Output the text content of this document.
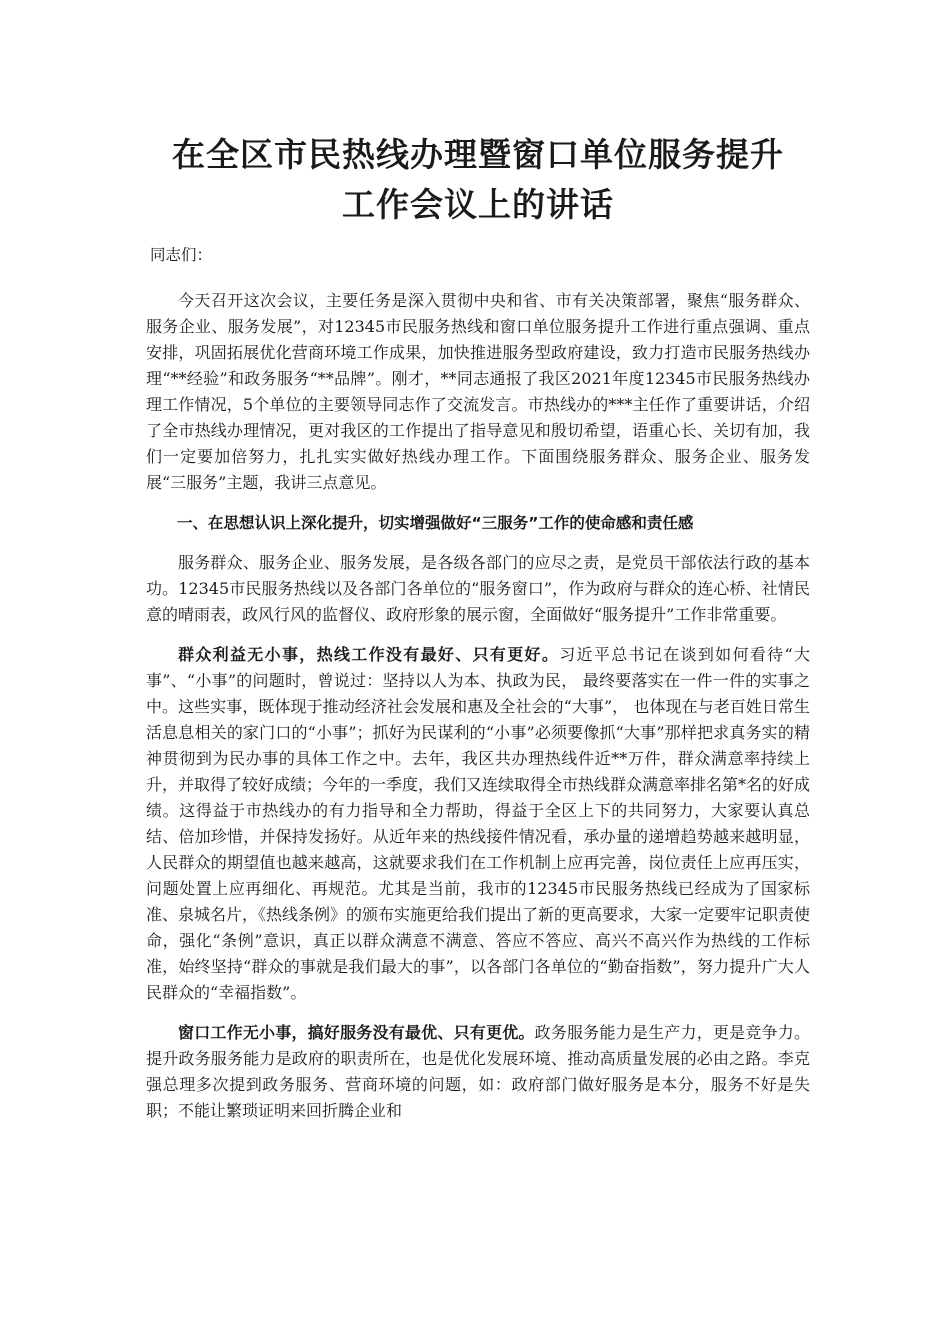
在全区市民热线办理暨窗口单位服务提升
工作会议上的讲话
同志们：

今天召开这次会议，主要任务是深入贯彻中央和省、市有关决策部署，聚焦“服务群众、服务企业、服务发展”，对12345市民服务热线和窗口单位服务提升工作进行重点强调、重点安排，巩固拓展优化营商环境工作成果，加快推进服务型政府建设，致力打造市民服务热线办理“**经验”和政务服务“**品牌”。刚才，**同志通报了我区2021年度12345市民服务热线办理工作情况，5个单位的主要领导同志作了交流发言。市热线办的***主任作了重要讲话，介绍了全市热线办理情况，更对我区的工作提出了指导意见和殷切希望，语重心长、关切有加，我们一定要加倍努力，扎扎实实做好热线办理工作。下面围绕服务群众、服务企业、服务发展“三服务”主题，我讲三点意见。

一、在思想认识上深化提升，切实增强做好“三服务”工作的使命感和责任感

服务群众、服务企业、服务发展，是各级各部门的应尽之责，是党员干部依法行政的基本功。12345市民服务热线以及各部门各单位的“服务窗口”，作为政府与群众的连心桥、社情民意的晴雨表，政风行风的监督仪、政府形象的展示窗，全面做好“服务提升”工作非常重要。

群众利益无小事，热线工作没有最好、只有更好。习近平总书记在谈到如何看待“大事”、“小事”的问题时，曾说过：坚持以人为本、执政为民， 最终要落实在一件一件的实事之中。这些实事，既体现于推动经济社会发展和惠及全社会的“大事”， 也体现在与老百姓日常生活息息相关的家门口的“小事”；抓好为民谋利的“小事”必须要像抓“大事”那样把求真务实的精神贯彻到为民办事的具体工作之中。去年，我区共办理热线件近**万件，群众满意率持续上升，并取得了较好成绩；今年的一季度，我们又连续取得全市热线群众满意率排名第*名的好成绩。这得益于市热线办的有力指导和全力帮助，得益于全区上下的共同努力，大家要认真总结、倍加珍惜，并保持发扬好。从近年来的热线接件情况看，承办量的递增趋势越来越明显，人民群众的期望值也越来越高，这就要求我们在工作机制上应再完善，岗位责任上应再压实，问题处置上应再细化、再规范。尤其是当前，我市的12345市民服务热线已经成为了国家标准、泉城名片，《热线条例》的颁布实施更给我们提出了新的更高要求，大家一定要牢记职责使命，强化“条例”意识，真正以群众满意不满意、答应不答应、高兴不高兴作为热线的工作标准，始终坚持“群众的事就是我们最大的事”，以各部门各单位的“勤奋指数”，努力提升广大人民群众的“幸福指数”。

窗口工作无小事，搞好服务没有最优、只有更优。政务服务能力是生产力，更是竞争力。提升政务服务能力是政府的职责所在，也是优化发展环境、推动高质量发展的必由之路。李克强总理多次提到政务服务、营商环境的问题，如：政府部门做好服务是本分，服务不好是失职；不能让繁琐证明来回折腾企业和
